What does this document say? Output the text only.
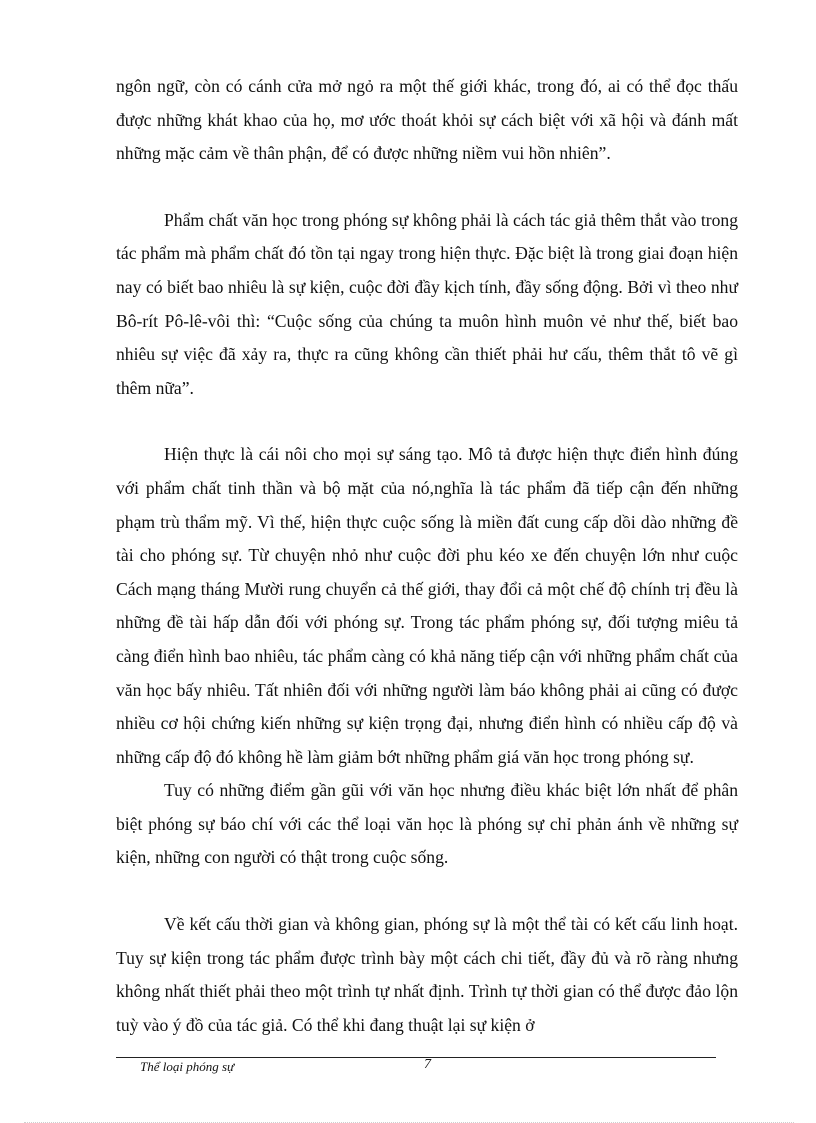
ngôn ngữ, còn có cánh cửa mở ngỏ ra một thế giới khác, trong đó, ai có thể đọc thấu được những khát khao của họ, mơ ước thoát khỏi sự cách biệt với xã hội và đánh mất những mặc cảm về thân phận, để có được những niềm vui hồn nhiên”.

Phẩm chất văn học trong phóng sự không phải là cách tác giả thêm thắt vào trong tác phẩm mà phẩm chất đó tồn tại ngay trong hiện thực. Đặc biệt là trong giai đoạn hiện nay có biết bao nhiêu là sự kiện, cuộc đời đầy kịch tính, đầy sống động. Bởi vì theo như Bô-rít Pô-lê-vôi thì: “Cuộc sống của chúng ta muôn hình muôn vẻ như thế, biết bao nhiêu sự việc đã xảy ra, thực ra cũng không cần thiết phải hư cấu, thêm thắt tô vẽ gì thêm nữa”.

Hiện thực là cái nôi cho mọi sự sáng tạo. Mô tả được hiện thực điển hình đúng với phẩm chất tinh thần và bộ mặt của nó,nghĩa là tác phẩm đã tiếp cận đến những phạm trù thẩm mỹ. Vì thế, hiện thực cuộc sống là miền đất cung cấp dồi dào những đề tài cho phóng sự. Từ chuyện nhỏ như cuộc đời phu kéo xe đến chuyện lớn như cuộc Cách mạng tháng Mười rung chuyển cả thế giới, thay đổi cả một chế độ chính trị đều là những đề tài hấp dẫn đối với phóng sự. Trong tác phẩm phóng sự, đối tượng miêu tả càng điển hình bao nhiêu, tác phẩm càng có khả năng tiếp cận với những phẩm chất của văn học bấy nhiêu. Tất nhiên đối với những người làm báo không phải ai cũng có được nhiều cơ hội chứng kiến những sự kiện trọng đại, nhưng điển hình có nhiều cấp độ và những cấp độ đó không hề làm giảm bớt những phẩm giá văn học trong phóng sự.

Tuy có những điểm gần gũi với văn học nhưng điều khác biệt lớn nhất để phân biệt phóng sự báo chí với các thể loại văn học là phóng sự chỉ phản ánh về những sự kiện, những con người có thật trong cuộc sống.

Về kết cấu thời gian và không gian, phóng sự là một thể tài có kết cấu linh hoạt. Tuy sự kiện trong tác phẩm được trình bày một cách chi tiết, đầy đủ và rõ ràng nhưng không nhất thiết phải theo một trình tự nhất định. Trình tự thời gian có thể được đảo lộn tuỳ vào ý đồ của tác giả. Có thể khi đang thuật lại sự kiện ở

Thể loại phóng sự	7
